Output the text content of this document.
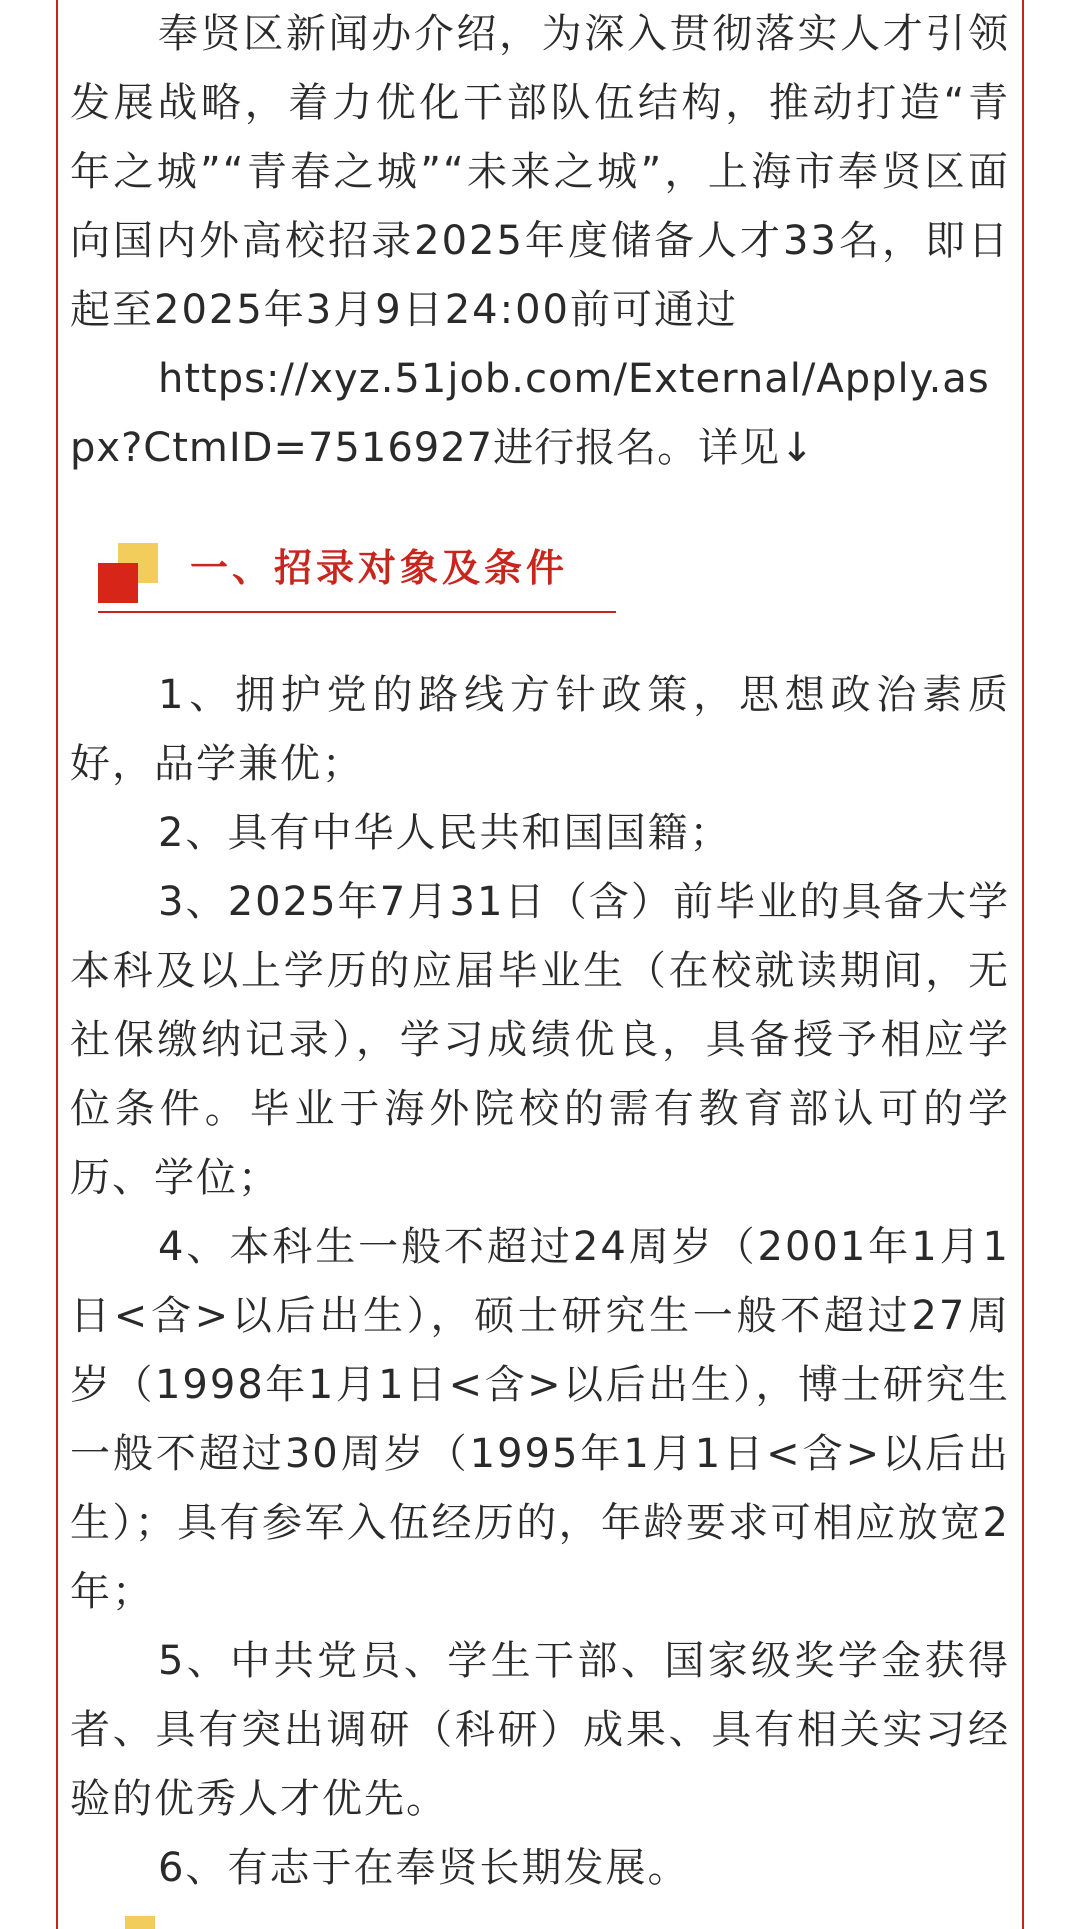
奉贤区新闻办介绍，为深入贯彻落实人才引领发展战略，着力优化干部队伍结构，推动打造“青年之城”“青春之城”“未来之城”，上海市奉贤区面向国内外高校招录2025年度储备人才33名，即日起至2025年3月9日24:00前可通过

https://xyz.51job.com/External/Apply.aspx?CtmID=7516927进行报名。详见↓

一、招录对象及条件

1、拥护党的路线方针政策，思想政治素质好，品学兼优；

2、具有中华人民共和国国籍；

3、2025年7月31日（含）前毕业的具备大学本科及以上学历的应届毕业生（在校就读期间，无社保缴纳记录），学习成绩优良，具备授予相应学位条件。毕业于海外院校的需有教育部认可的学历、学位；

4、本科生一般不超过24周岁（2001年1月1日<含>以后出生），硕士研究生一般不超过27周岁（1998年1月1日<含>以后出生），博士研究生一般不超过30周岁（1995年1月1日<含>以后出生）；具有参军入伍经历的，年龄要求可相应放宽2年；

5、中共党员、学生干部、国家级奖学金获得者、具有突出调研（科研）成果、具有相关实习经验的优秀人才优先。

6、有志于在奉贤长期发展。
